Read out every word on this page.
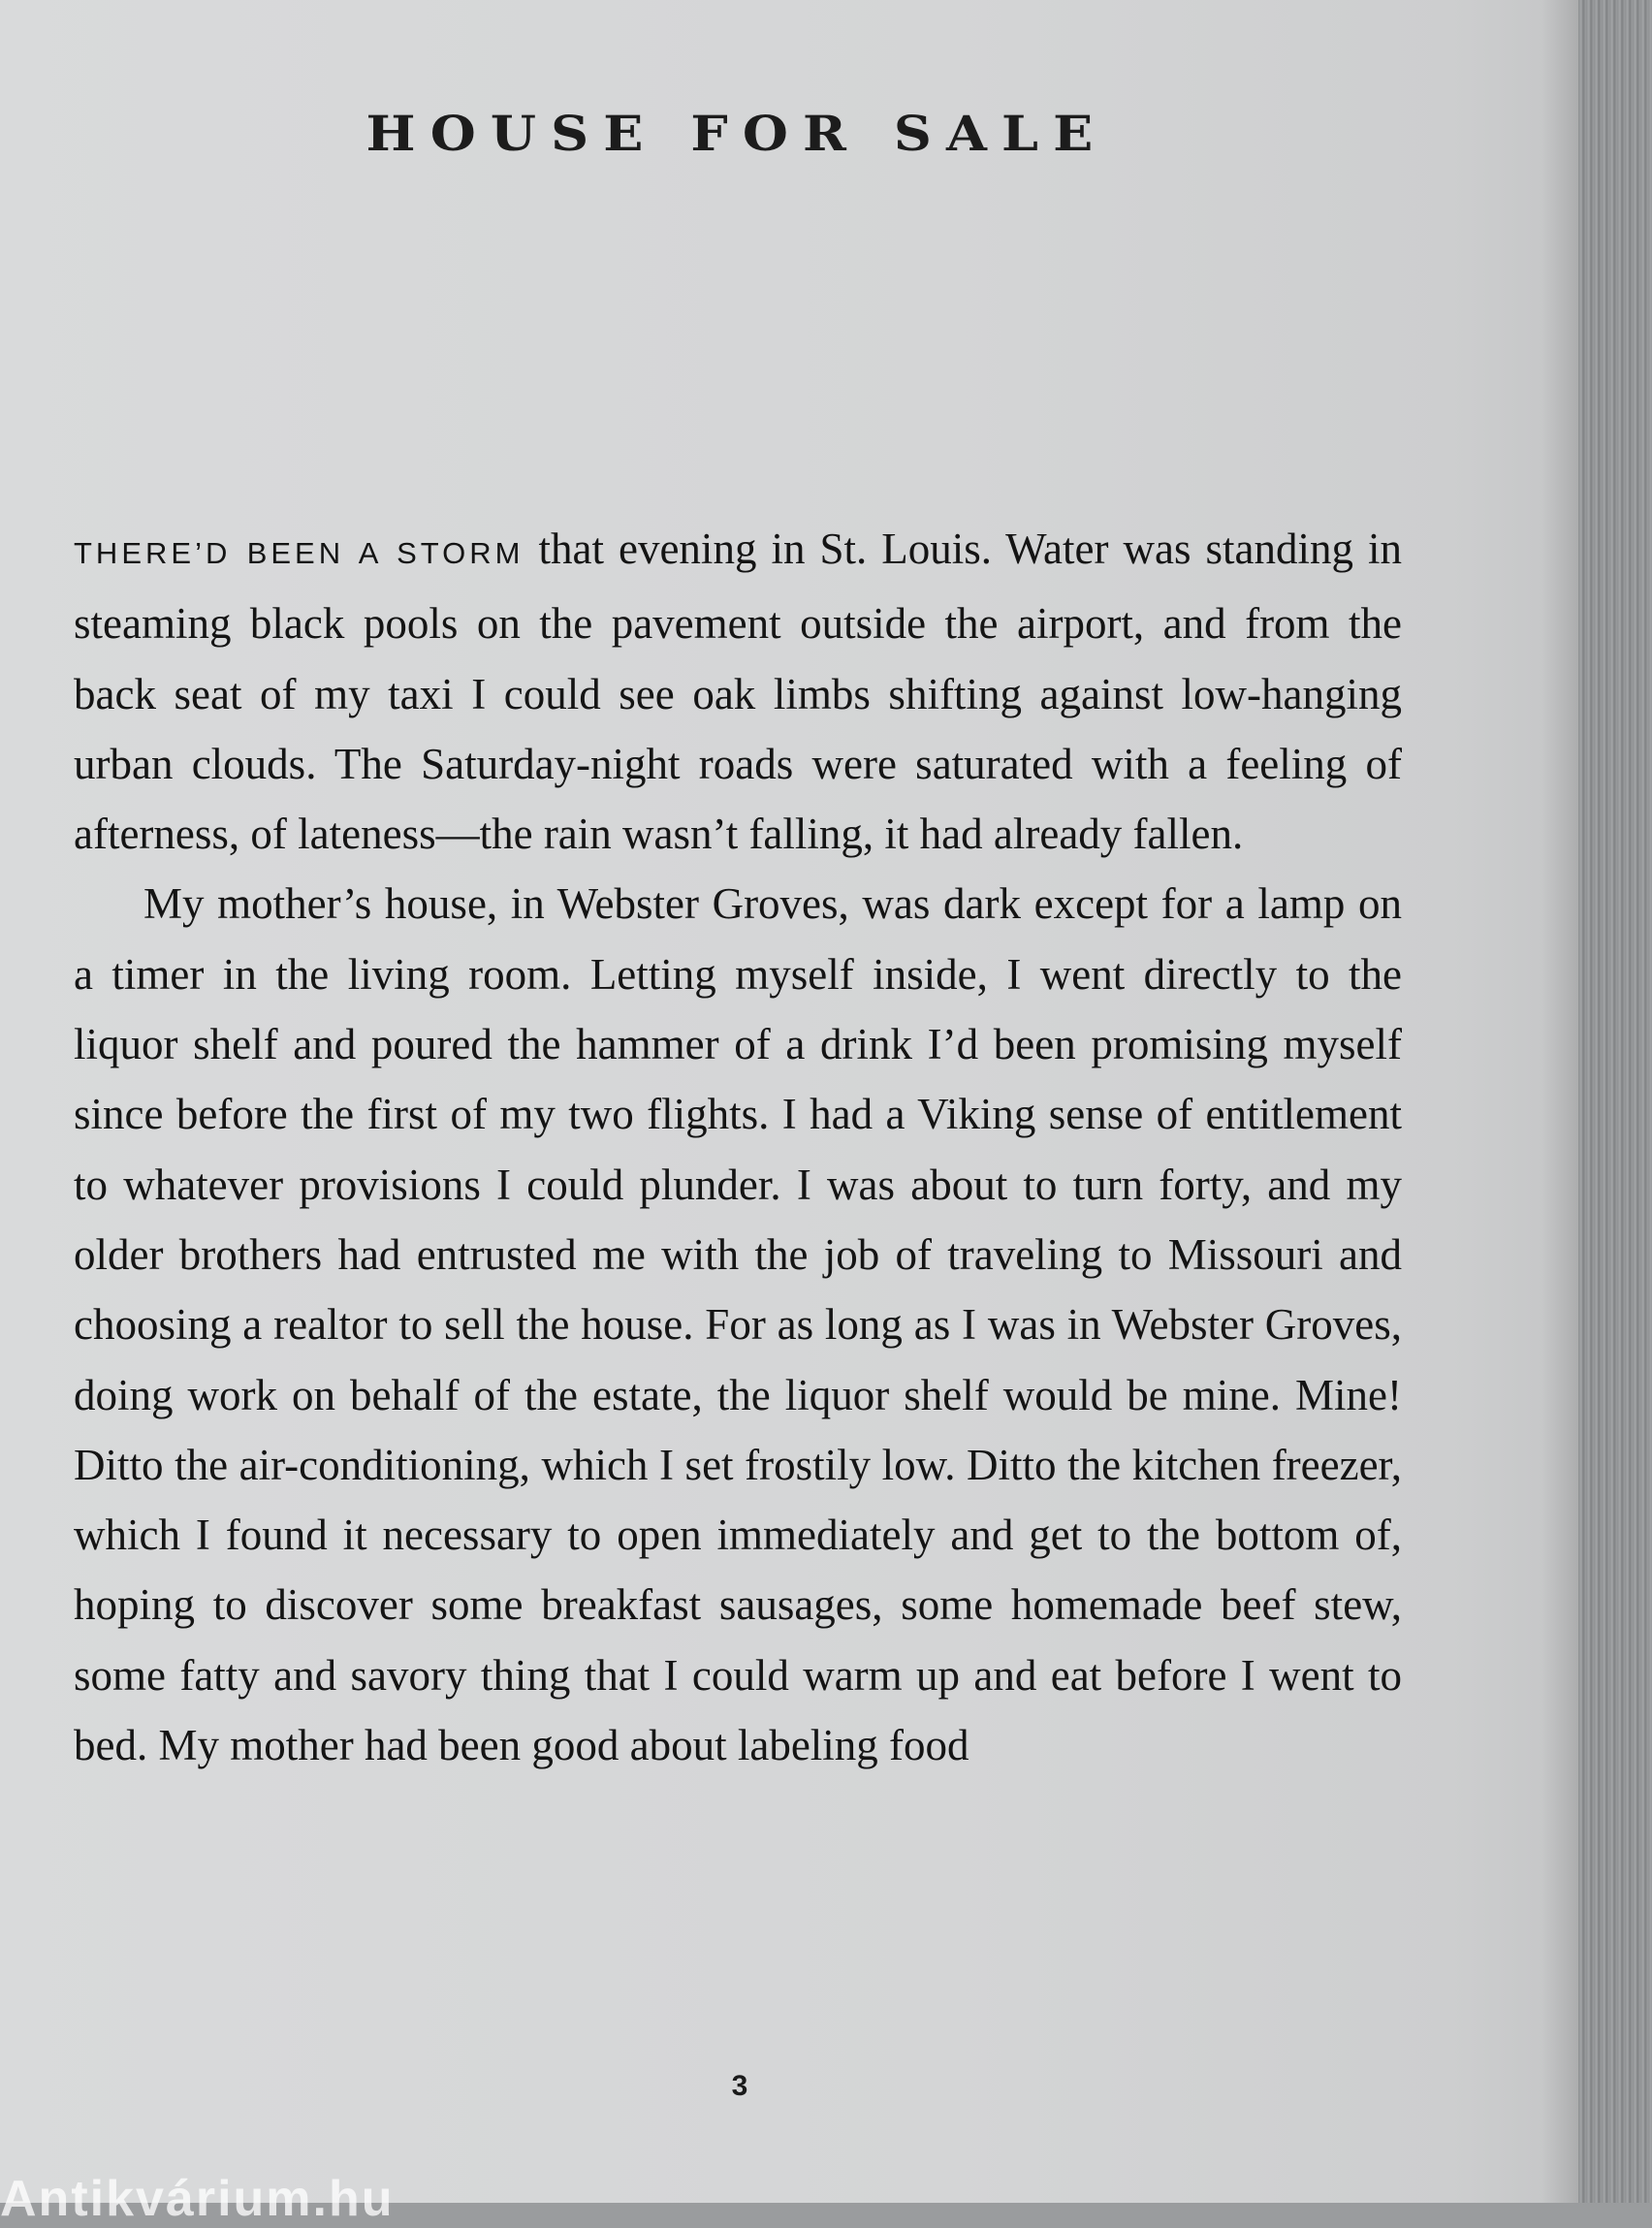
HOUSE FOR SALE

THERE’D BEEN A STORM that evening in St. Louis. Water was standing in steaming black pools on the pavement outside the airport, and from the back seat of my taxi I could see oak limbs shifting against low-hanging urban clouds. The Saturday-night roads were saturated with a feeling of afterness, of lateness—the rain wasn’t falling, it had already fallen.

My mother’s house, in Webster Groves, was dark except for a lamp on a timer in the living room. Letting myself inside, I went directly to the liquor shelf and poured the hammer of a drink I’d been promising myself since before the first of my two flights. I had a Viking sense of entitlement to whatever provisions I could plunder. I was about to turn forty, and my older brothers had entrusted me with the job of traveling to Missouri and choosing a realtor to sell the house. For as long as I was in Webster Groves, doing work on behalf of the estate, the liquor shelf would be mine. Mine! Ditto the air-conditioning, which I set frostily low. Ditto the kitchen freezer, which I found it necessary to open immediately and get to the bottom of, hoping to discover some breakfast sausages, some homemade beef stew, some fatty and savory thing that I could warm up and eat before I went to bed. My mother had been good about labeling food

3
Antikvárium.hu
